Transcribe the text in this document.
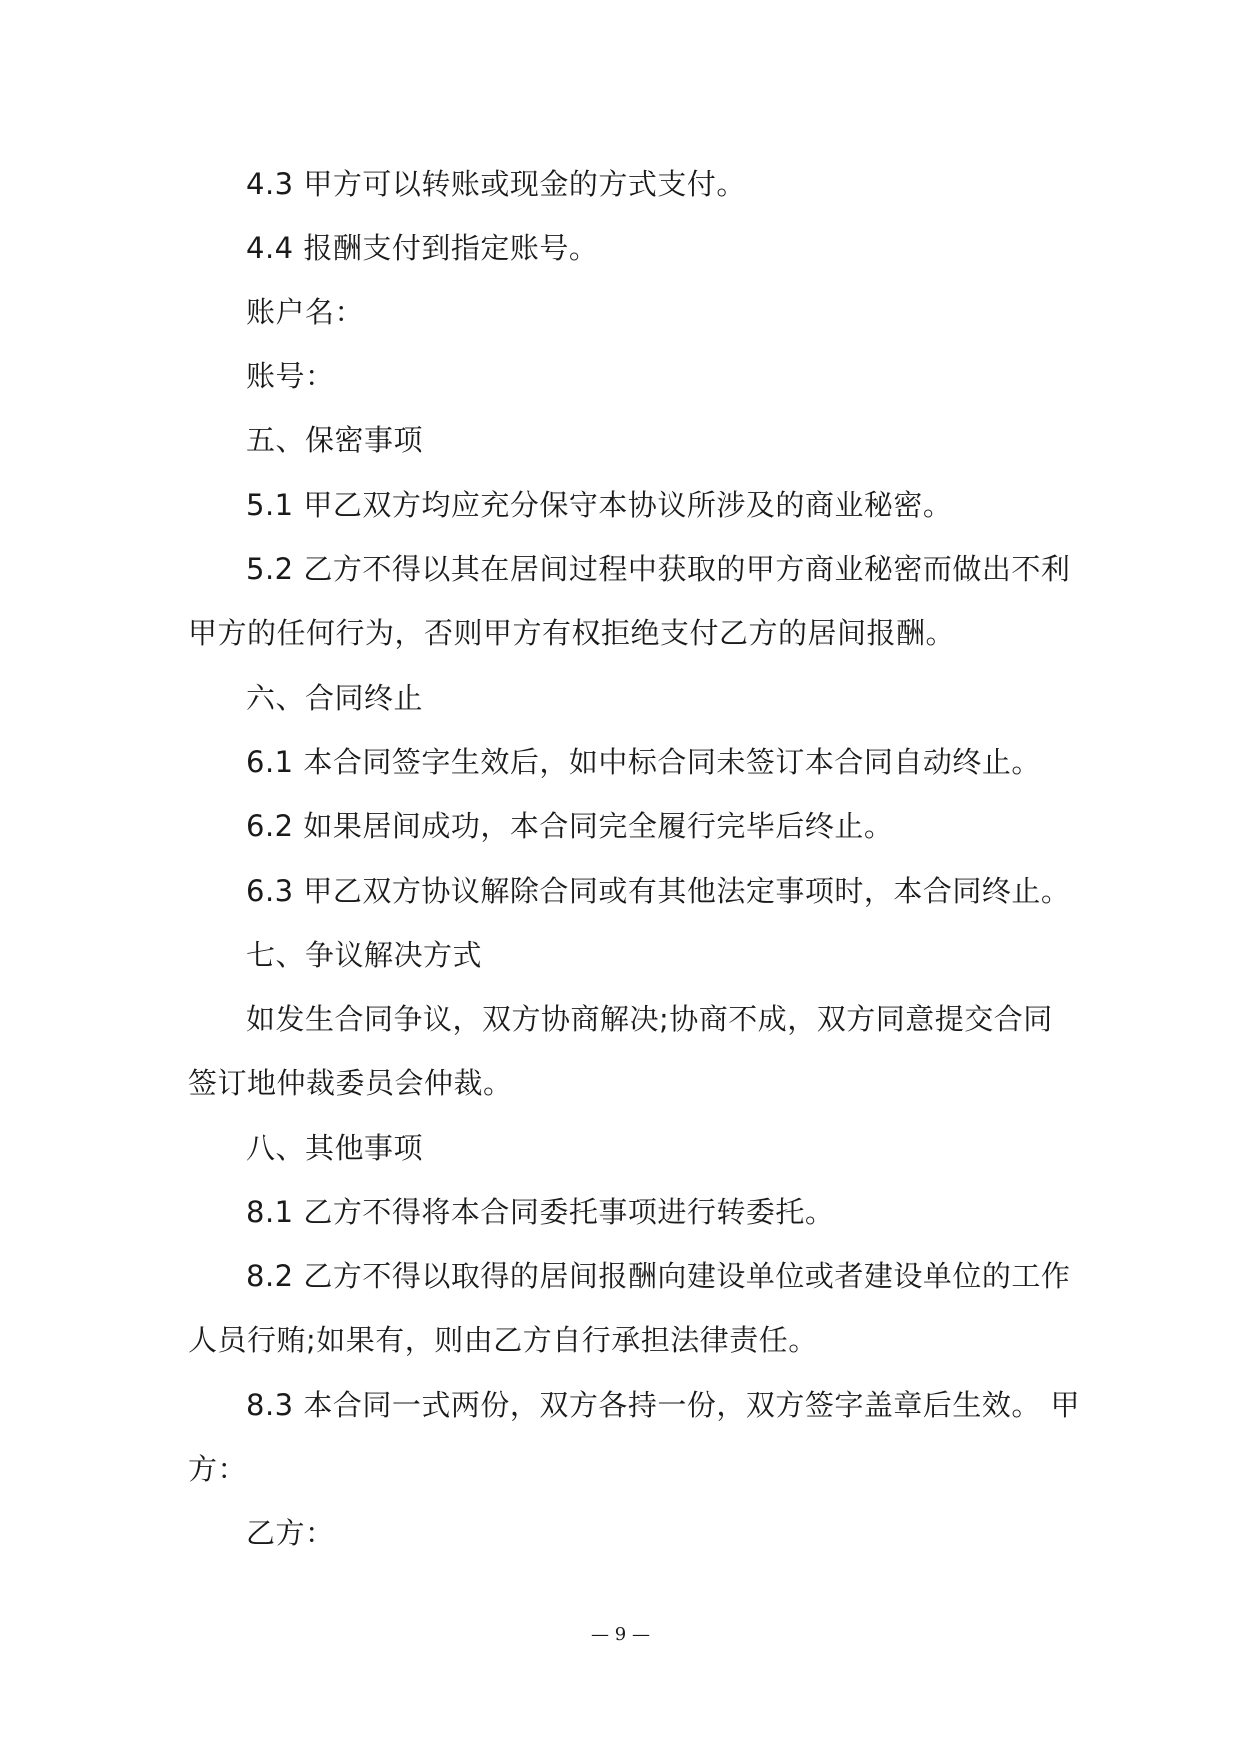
4.3 甲方可以转账或现金的方式支付。
4.4 报酬支付到指定账号。
账户名：
账号：
五、保密事项
5.1 甲乙双方均应充分保守本协议所涉及的商业秘密。
5.2 乙方不得以其在居间过程中获取的甲方商业秘密而做出不利
甲方的任何行为，否则甲方有权拒绝支付乙方的居间报酬。
六、合同终止
6.1 本合同签字生效后，如中标合同未签订本合同自动终止。
6.2 如果居间成功，本合同完全履行完毕后终止。
6.3 甲乙双方协议解除合同或有其他法定事项时，本合同终止。
七、争议解决方式
如发生合同争议，双方协商解决;协商不成，双方同意提交合同
签订地仲裁委员会仲裁。
八、其他事项
8.1 乙方不得将本合同委托事项进行转委托。
8.2 乙方不得以取得的居间报酬向建设单位或者建设单位的工作
人员行贿;如果有，则由乙方自行承担法律责任。
8.3 本合同一式两份，双方各持一份，双方签字盖章后生效。 甲
方：
乙方：
— 9 —
